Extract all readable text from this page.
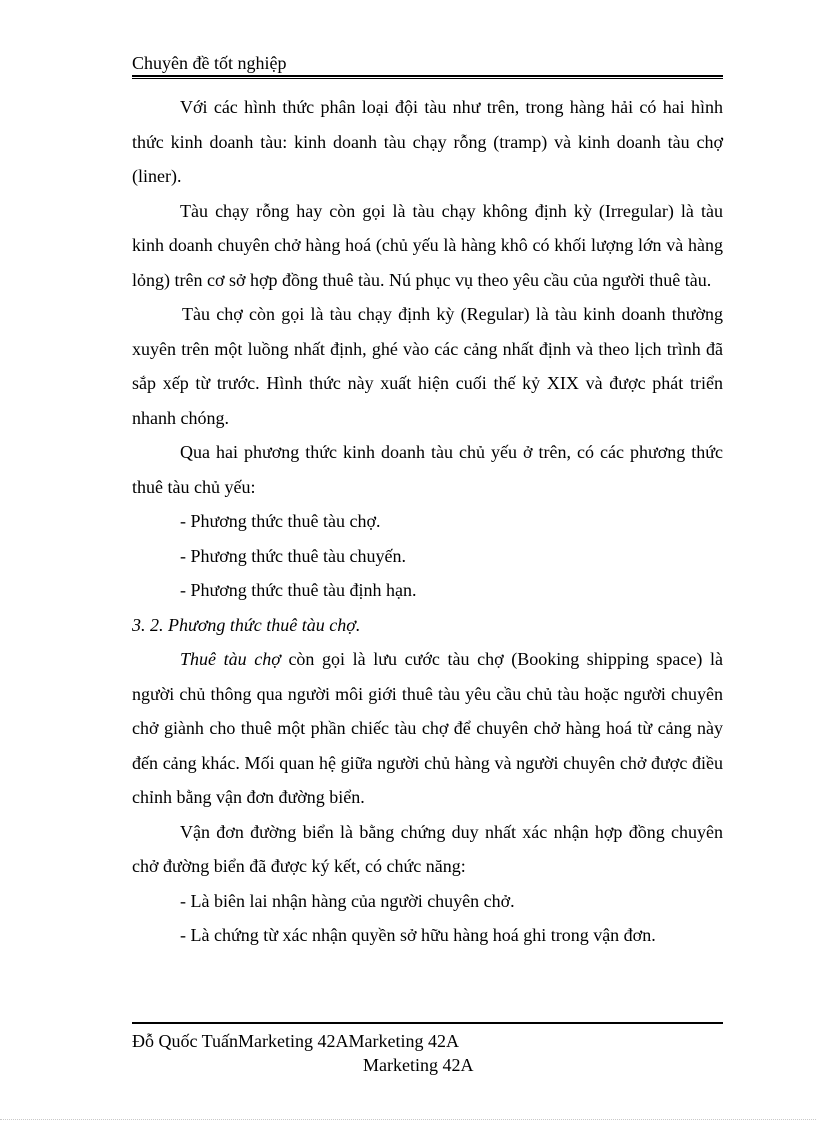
Chuyên đề tốt nghiệp

Với các hình thức phân loại đội tàu như trên, trong hàng hải có hai hình thức kinh doanh tàu: kinh doanh tàu chạy rỗng (tramp) và kinh doanh tàu chợ (liner).

Tàu chạy rỗng hay còn gọi là tàu chạy không định kỳ (Irregular) là tàu kinh doanh chuyên chở hàng hoá (chủ yếu là hàng khô có khối lượng lớn và hàng lỏng) trên cơ sở hợp đồng thuê tàu. Nú phục vụ theo yêu cầu của người thuê tàu.

Tàu chợ còn gọi là tàu chạy định kỳ (Regular) là tàu kinh doanh thường xuyên trên một luồng nhất định, ghé vào các cảng nhất định và theo lịch trình đã sắp xếp từ trước. Hình thức này xuất hiện cuối thế kỷ XIX và được phát triển nhanh chóng.

Qua hai phương thức kinh doanh tàu chủ yếu ở trên, có các phương thức thuê tàu chủ yếu:

- Phương thức thuê tàu chợ.

- Phương thức thuê tàu chuyến.

- Phương thức thuê tàu định hạn.

3. 2. Phương thức thuê tàu chợ.

Thuê tàu chợ còn gọi là lưu cước tàu chợ (Booking shipping space) là người chủ thông qua người môi giới thuê tàu yêu cầu chủ tàu hoặc người chuyên chở giành cho thuê một phần chiếc tàu chợ để chuyên chở hàng hoá từ cảng này đến cảng khác. Mối quan hệ giữa người chủ hàng và người chuyên chở được điều chỉnh bằng vận đơn đường biển.

Vận đơn đường biển là bằng chứng duy nhất xác nhận hợp đồng chuyên chở đường biển đã được ký kết, có chức năng:

- Là biên lai nhận hàng của người chuyên chở.

- Là chứng từ xác nhận quyền sở hữu hàng hoá ghi trong vận đơn.

Đỗ Quốc TuấnMarketing 42AMarketing 42A
Marketing 42A
